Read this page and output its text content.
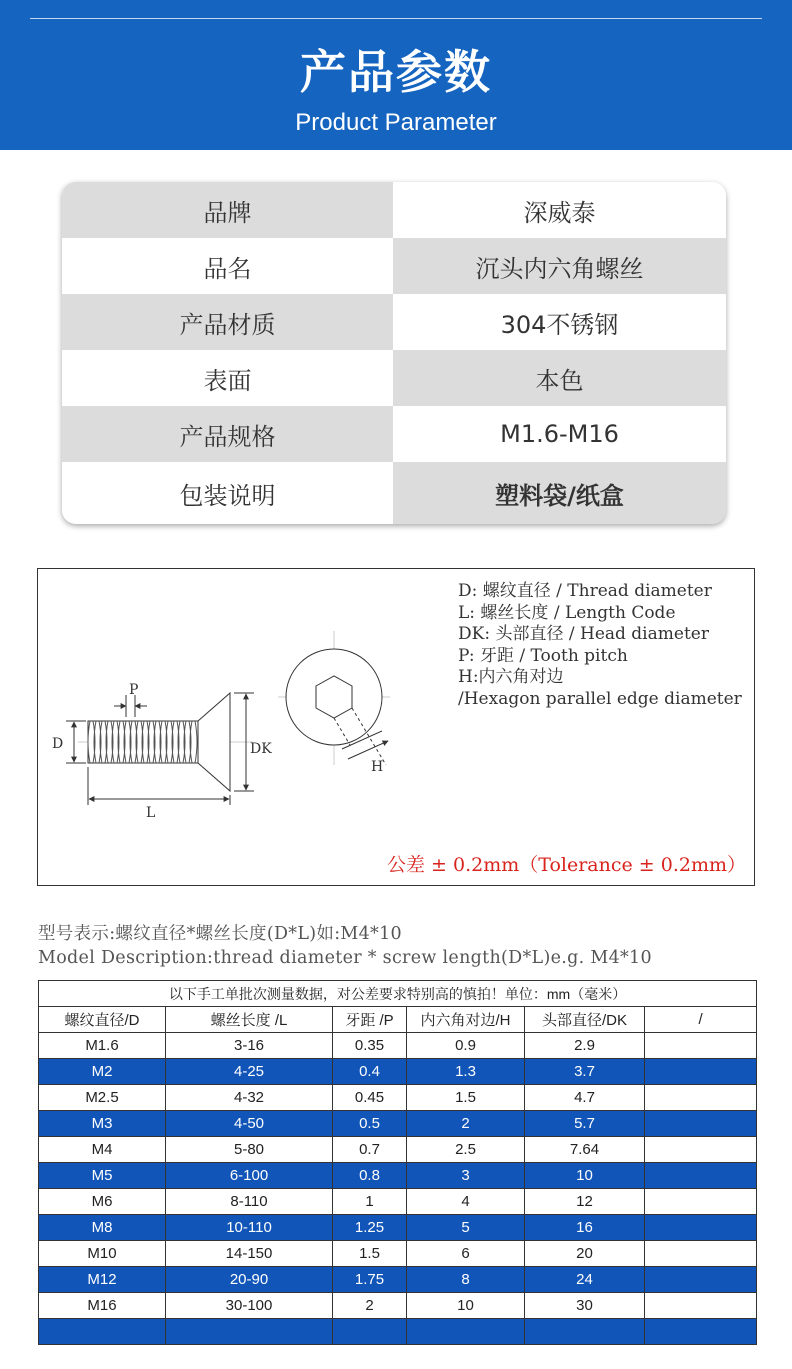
产品参数
Product Parameter
品牌	深威泰
品名	沉头内六角螺丝
产品材质	304不锈钢
表面	本色
产品规格	M1.6-M16
包装说明	塑料袋/纸盒
P
D	DK
L
H
D: 螺纹直径 / Thread diameter
L: 螺丝长度 / Length Code
DK: 头部直径 / Head diameter
P: 牙距 / Tooth pitch
H:内六角对边
/Hexagon parallel edge diameter
公差 ± 0.2mm（Tolerance ± 0.2mm）
型号表示:螺纹直径*螺丝长度(D*L)如:M4*10
Model Description:thread diameter * screw length(D*L)e.g. M4*10
以下手工单批次测量数据，对公差要求特别高的慎拍！单位：mm（毫米）					
螺纹直径/D	螺丝长度 /L	牙距 /P	内六角对边/H	头部直径/DK	/
M1.6	3-16	0.35	0.9	2.9	
M2	4-25	0.4	1.3	3.7	
M2.5	4-32	0.45	1.5	4.7	
M3	4-50	0.5	2	5.7	
M4	5-80	0.7	2.5	7.64	
M5	6-100	0.8	3	10	
M6	8-110	1	4	12	
M8	10-110	1.25	5	16	
M10	14-150	1.5	6	20	
M12	20-90	1.75	8	24	
M16	30-100	2	10	30	
